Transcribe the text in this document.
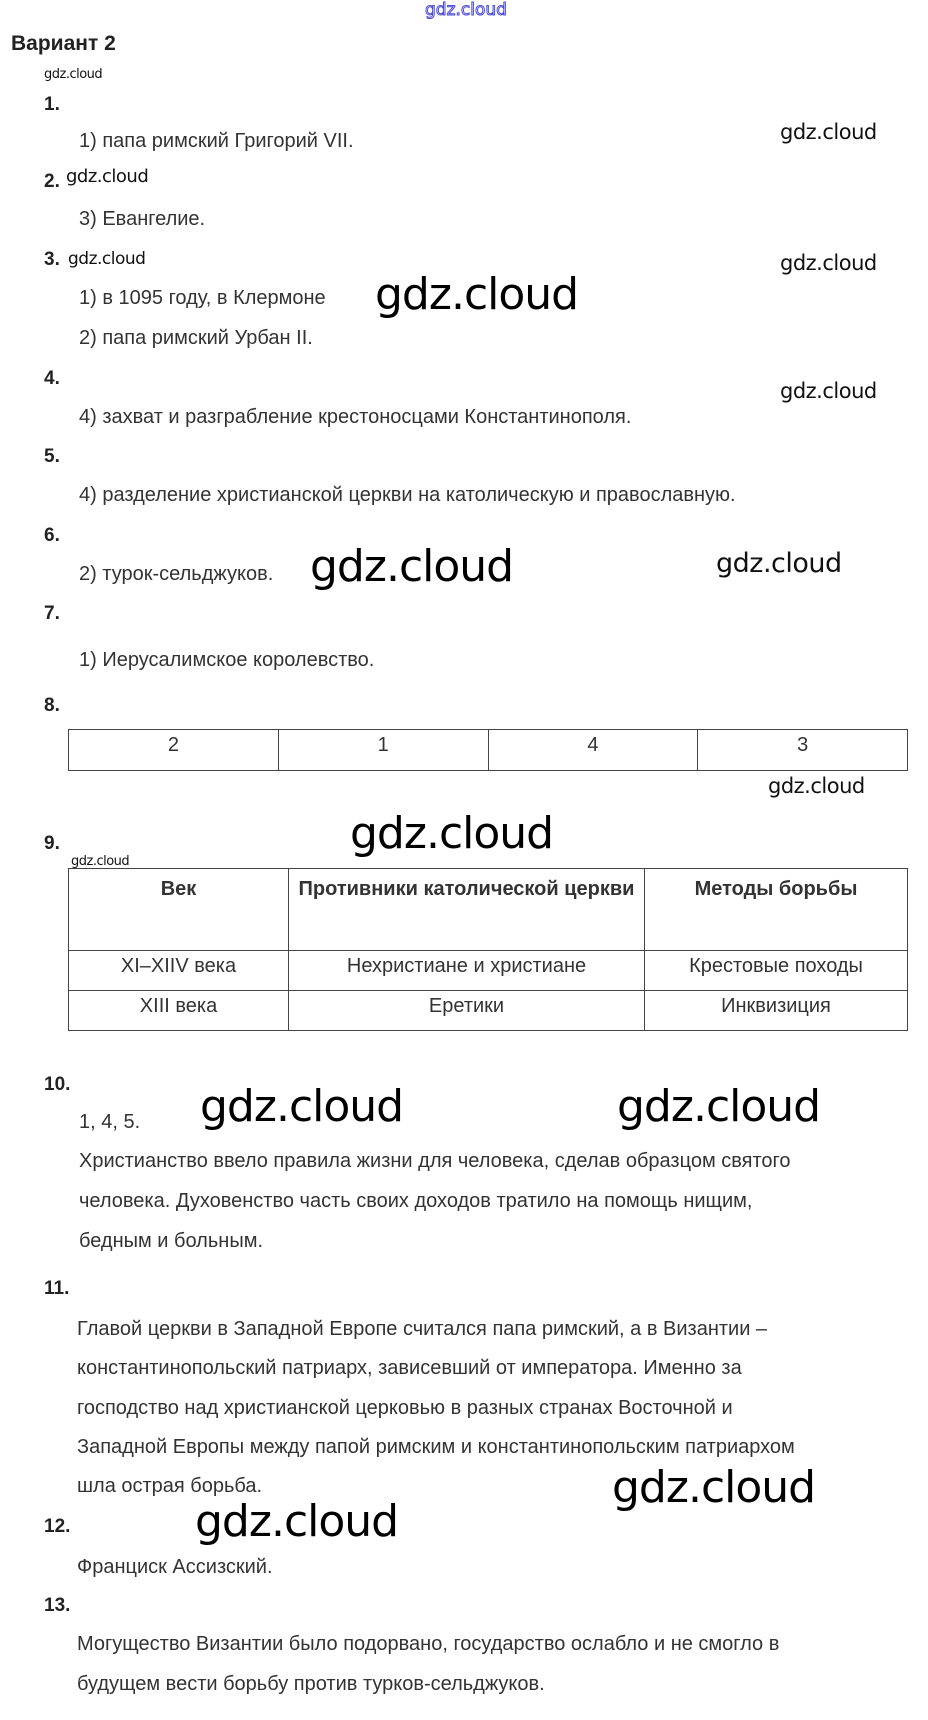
gdz.cloud
Вариант 2
gdz.cloud
1.
1) папа римский Григорий VII.	gdz.cloud
2. gdz.cloud
3) Евангелие.
3. gdz.cloud	gdz.cloud
1) в 1095 году, в Клермоне gdz.cloud
2) папа римский Урбан II.
4.
gdz.cloud
4) захват и разграбление крестоносцами Константинополя.
5.
4) разделение христианской церкви на католическую и православную.
6.
2) турок-сельджуков. gdz.cloud	gdz.cloud
7.
1) Иерусалимское королевство.
8.
2	1	4	3
gdz.cloud
9.	gdz.cloud
gdz.cloud
Век	Противники католической церкви	Методы борьбы
XI–XIIV века	Нехристиане и христиане	Крестовые походы
XIII века	Еретики	Инквизиция
10.
1, 4, 5. gdz.cloud	gdz.cloud
Христианство ввело правила жизни для человека, сделав образцом святого
человека. Духовенство часть своих доходов тратило на помощь нищим,
бедным и больным.
11.
Главой церкви в Западной Европе считался папа римский, а в Византии –
константинопольский патриарх, зависевший от императора. Именно за
господство над христианской церковью в разных странах Восточной и
Западной Европы между папой римским и константинопольским патриархом
шла острая борьба.	gdz.cloud
12.	gdz.cloud
Франциск Ассизский.
13.
Могущество Византии было подорвано, государство ослабло и не смогло в
будущем вести борьбу против турков-сельджуков.
